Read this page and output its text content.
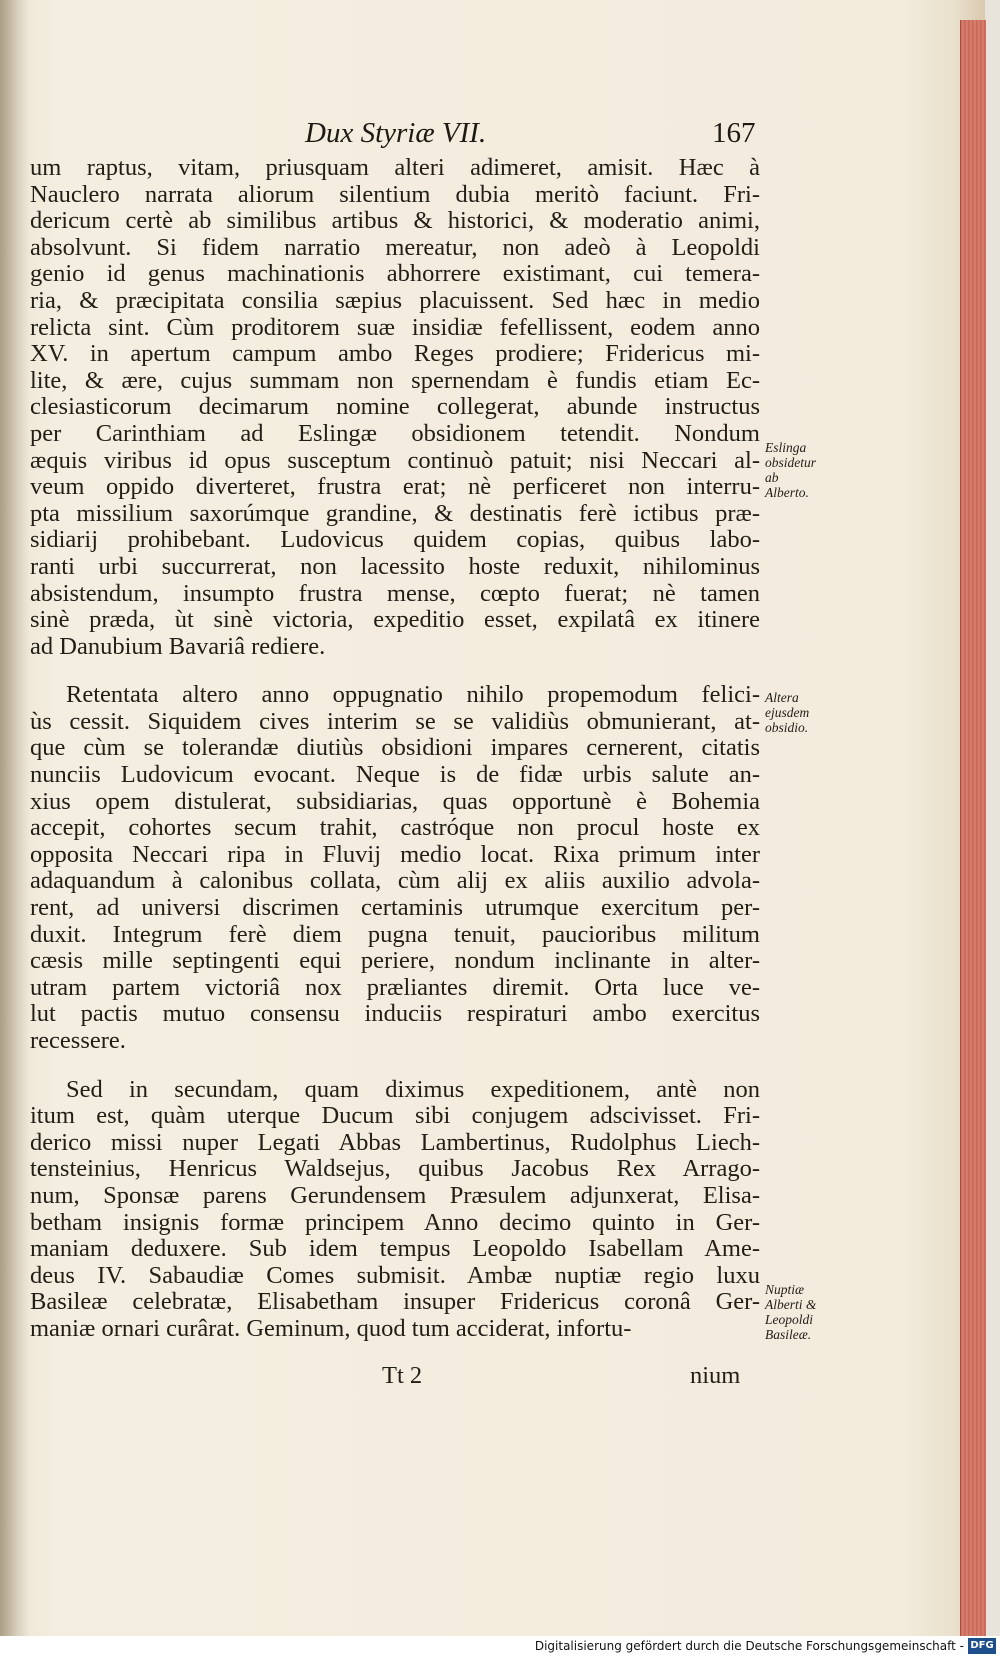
Dux Styriæ VII.	167
um raptus, vitam, priusquam alteri adimeret, amisit. Hæc à
Nauclero narrata aliorum silentium dubia meritò faciunt. Fri-
dericum certè ab similibus artibus & historici, & moderatio animi,
absolvunt. Si fidem narratio mereatur, non adeò à Leopoldi
genio id genus machinationis abhorrere existimant, cui temera-
ria, & præcipitata consilia sæpius placuissent. Sed hæc in medio
relicta sint. Cùm proditorem suæ insidiæ fefellissent, eodem anno
XV. in apertum campum ambo Reges prodiere; Fridericus mi-
lite, & ære, cujus summam non spernendam è fundis etiam Ec-
clesiasticorum decimarum nomine collegerat, abunde instructus
per Carinthiam ad Eslingæ obsidionem tetendit. Nondum
æquis viribus id opus susceptum continuò patuit; nisi Neccari al-
veum oppido diverteret, frustra erat; nè perficeret non interru-
pta missilium saxorúmque grandine, & destinatis ferè ictibus præ-
sidiarij prohibebant. Ludovicus quidem copias, quibus labo-
ranti urbi succurrerat, non lacessito hoste reduxit, nihilominus
absistendum, insumpto frustra mense, cœpto fuerat; nè tamen
sinè præda, ùt sinè victoria, expeditio esset, expilatâ ex itinere
ad Danubium Bavariâ rediere.
Retentata altero anno oppugnatio nihilo propemodum felici-
ùs cessit. Siquidem cives interim se se validiùs obmunierant, at-
que cùm se tolerandæ diutiùs obsidioni impares cernerent, citatis
nunciis Ludovicum evocant. Neque is de fidæ urbis salute an-
xius opem distulerat, subsidiarias, quas opportunè è Bohemia
accepit, cohortes secum trahit, castróque non procul hoste ex
opposita Neccari ripa in Fluvij medio locat. Rixa primum inter
adaquandum à calonibus collata, cùm alij ex aliis auxilio advola-
rent, ad universi discrimen certaminis utrumque exercitum per-
duxit. Integrum ferè diem pugna tenuit, paucioribus militum
cæsis mille septingenti equi periere, nondum inclinante in alter-
utram partem victoriâ nox præliantes diremit. Orta luce ve-
lut pactis mutuo consensu induciis respiraturi ambo exercitus
recessere.
Sed in secundam, quam diximus expeditionem, antè non
itum est, quàm uterque Ducum sibi conjugem adscivisset. Fri-
derico missi nuper Legati Abbas Lambertinus, Rudolphus Liech-
tensteinius, Henricus Waldsejus, quibus Jacobus Rex Arrago-
num, Sponsæ parens Gerundensem Præsulem adjunxerat, Elisa-
betham insignis formæ principem Anno decimo quinto in Ger-
maniam deduxere. Sub idem tempus Leopoldo Isabellam Ame-
deus IV. Sabaudiæ Comes submisit. Ambæ nuptiæ regio luxu
Basileæ celebratæ, Elisabetham insuper Fridericus coronâ Ger-
maniæ ornari curârat. Geminum, quod tum acciderat, infortu-
Eslinga obsidetur ab Alberto.
Altera ejusdem obsidio.
Nuptiæ Alberti & Leopoldi Basileæ.
Tt 2	nium
Digitalisierung gefördert durch die Deutsche Forschungsgemeinschaft - DFG
